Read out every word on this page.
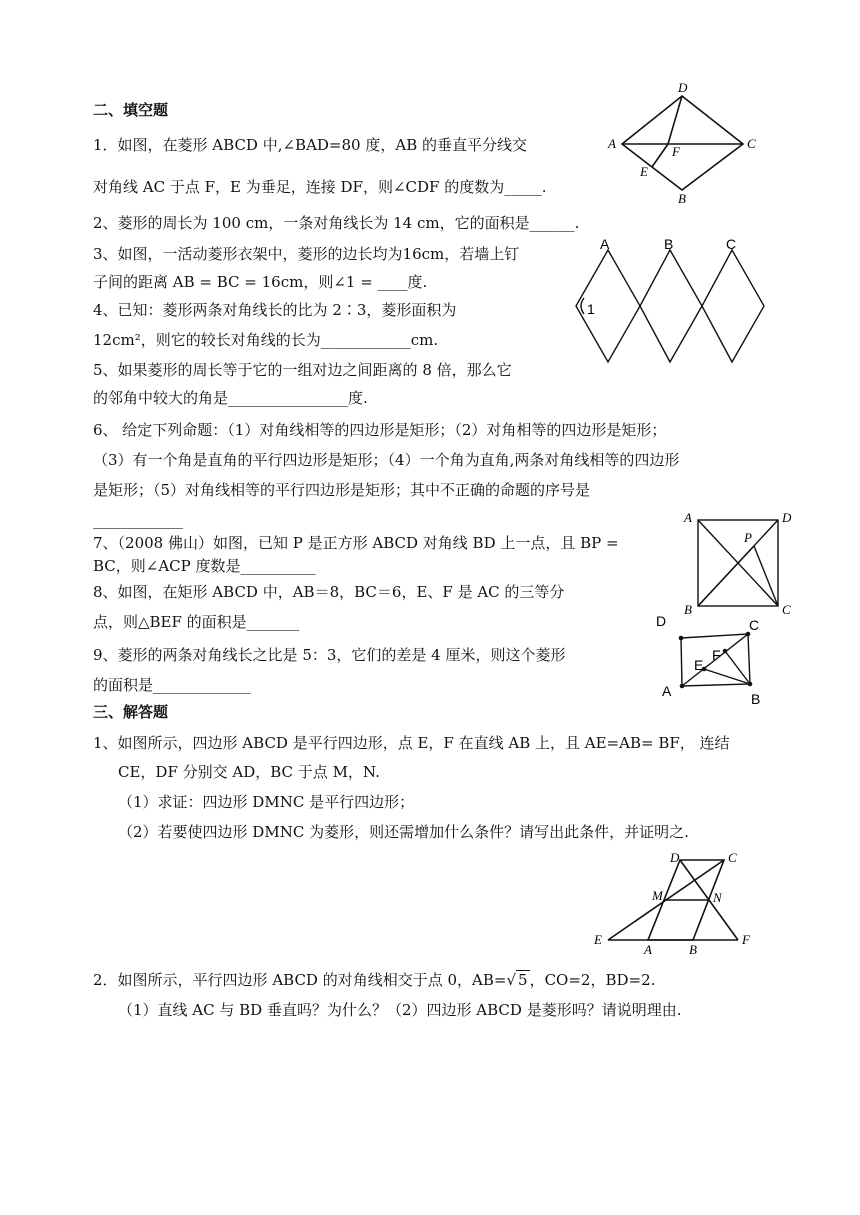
二、填空题
1．如图，在菱形 ABCD 中,∠BAD=80 度，AB 的垂直平分线交
对角线 AC 于点 F，E 为垂足，连接 DF，则∠CDF 的度数为_____.
2、菱形的周长为 100 cm，一条对角线长为 14 cm，它的面积是______.
3、如图，一活动菱形衣架中，菱形的边长均为16cm，若墙上钉
子间的距离 AB = BC = 16cm，则∠1 = ____度.
4、已知：菱形两条对角线长的比为 2∶3，菱形面积为
12cm²，则它的较长对角线的长为____________cm.
5、如果菱形的周长等于它的一组对边之间距离的 8 倍，那么它
的邻角中较大的角是________________度.
6、 给定下列命题：（1）对角线相等的四边形是矩形；（2）对角相等的四边形是矩形；
（3）有一个角是直角的平行四边形是矩形；（4）一个角为直角,两条对角线相等的四边形
是矩形；（5）对角线相等的平行四边形是矩形；其中不正确的命题的序号是
____________
7、（2008 佛山）如图，已知 P 是正方形 ABCD 对角线 BD 上一点，且 BP =
BC，则∠ACP 度数是__________
8、如图，在矩形 ABCD 中，AB＝8，BC＝6，E、F 是 AC 的三等分
点，则△BEF 的面积是_______
9、菱形的两条对角线长之比是 5：3，它们的差是 4 厘米，则这个菱形
的面积是_____________
三、解答题
1、如图所示，四边形 ABCD 是平行四边形，点 E，F 在直线 AB 上，且 AE=AB= BF， 连结
CE，DF 分别交 AD，BC 于点 M，N.
（1）求证：四边形 DMNC 是平行四边形；
（2）若要使四边形 DMNC 为菱形，则还需增加什么条件？请写出此条件，并证明之.
2．如图所示，平行四边形 ABCD 的对角线相交于点 0，AB=√ 5 ，CO=2，BD=2.
（1）直线 AC 与 BD 垂直吗？为什么？（2）四边形 ABCD 是菱形吗？请说明理由.
D
A	C
F
E
B
A	B	C
1
A	D
P
B	C
D	C
E
F
A	B
D	C
M	N
E
A	B
F
